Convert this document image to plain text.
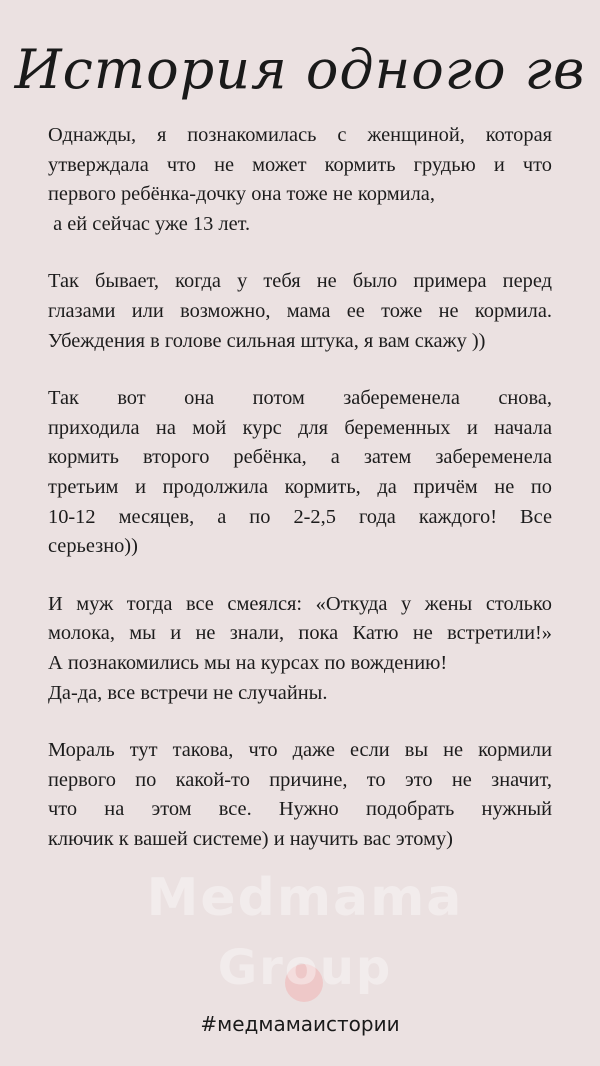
История одного гв

Однажды, я познакомилась с женщиной, которая
утверждала что не может кормить грудью и что
первого ребёнка-дочку она тоже не кормила,
а ей сейчас уже 13 лет.

Так бывает, когда у тебя не было примера перед
глазами или возможно, мама ее тоже не кормила.
Убеждения в голове сильная штука, я вам скажу ))

Так вот она потом забеременела снова,
приходила на мой курс для беременных и начала
кормить второго ребёнка, а затем забеременела
третьим и продолжила кормить, да причём не по
10-12 месяцев, а по 2-2,5 года каждого! Все
серьезно))

И муж тогда все смеялся: «Откуда у жены столько
молока, мы и не знали, пока Катю не встретили!»
А познакомились мы на курсах по вождению!
Да-да, все встречи не случайны.

Мораль тут такова, что даже если вы не кормили
первого по какой-то причине, то это не значит,
что на этом все. Нужно подобрать нужный
ключик к вашей системе) и научить вас этому)

Medmama
Group
#медмамаистории
